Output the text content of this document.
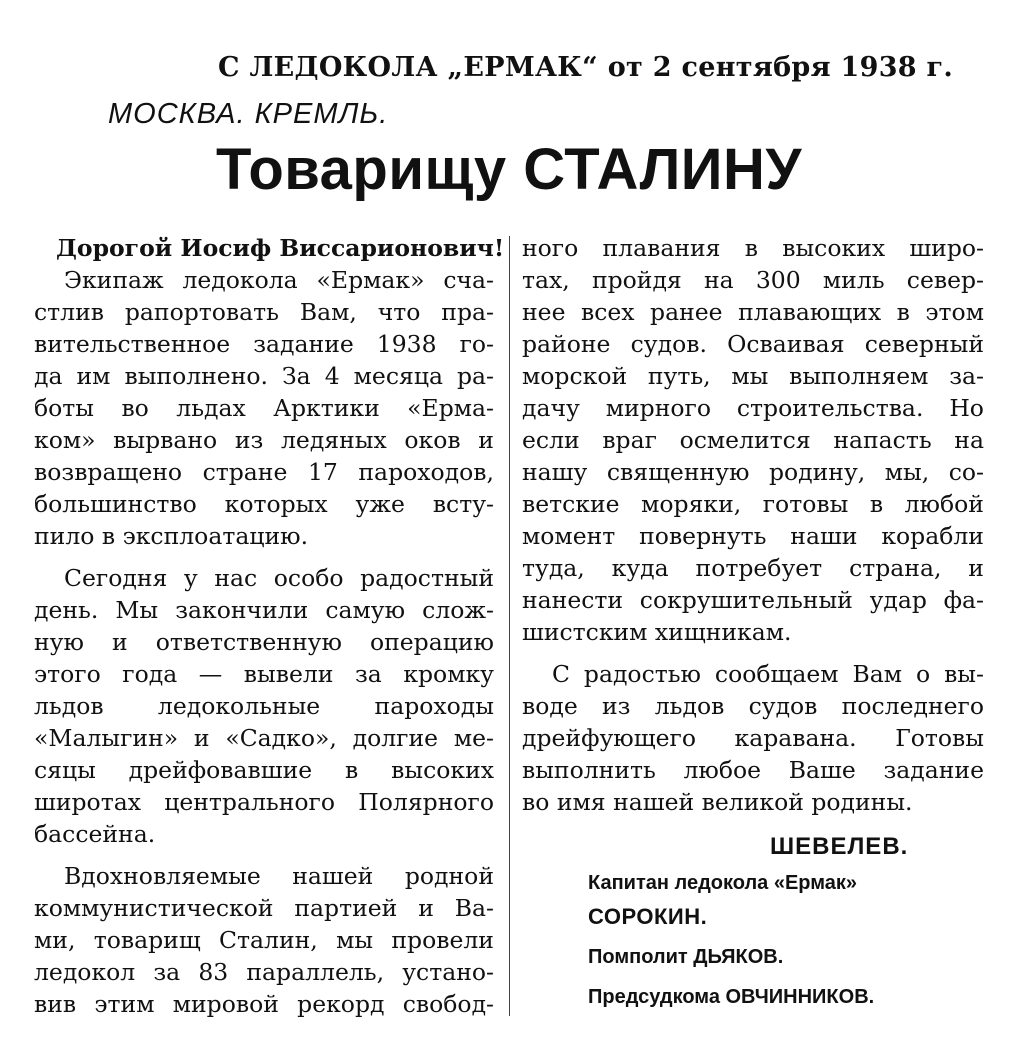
С ЛЕДОКОЛА „ЕРМАК“ от 2 сентября 1938 г.
МОСКВА. КРЕМЛЬ.
Товарищу СТАЛИНУ
Дорогой Иосиф Виссарионович!
Экипаж ледокола «Ермак» сча-
стлив рапортовать Вам, что пра-
вительственное задание 1938 го-
да им выполнено. За 4 месяца ра-
боты во льдах Арктики «Ерма-
ком» вырвано из ледяных оков и
возвращено стране 17 пароходов,
большинство которых уже всту-
пило в эксплоатацию.
Сегодня у нас особо радостный
день. Мы закончили самую слож-
ную и ответственную операцию
этого года — вывели за кромку
льдов ледокольные пароходы
«Малыгин» и «Садко», долгие ме-
сяцы дрейфовавшие в высоких
широтах центрального Полярного
бассейна.
Вдохновляемые нашей родной
коммунистической партией и Ва-
ми, товарищ Сталин, мы провели
ледокол за 83 параллель, устано-
вив этим мировой рекорд свобод-
ного плавания в высоких широ-
тах, пройдя на 300 миль север-
нее всех ранее плавающих в этом
районе судов. Осваивая северный
морской путь, мы выполняем за-
дачу мирного строительства. Но
если враг осмелится напасть на
нашу священную родину, мы, со-
ветские моряки, готовы в любой
момент повернуть наши корабли
туда, куда потребует страна, и
нанести сокрушительный удар фа-
шистским хищникам.
С радостью сообщаем Вам о вы-
воде из льдов судов последнего
дрейфующего каравана. Готовы
выполнить любое Ваше задание
во имя нашей великой родины.
ШЕВЕЛЕВ.
Капитан ледокола «Ермак»
СОРОКИН.
Помполит ДЬЯКОВ.
Предсудкома ОВЧИННИКОВ.
